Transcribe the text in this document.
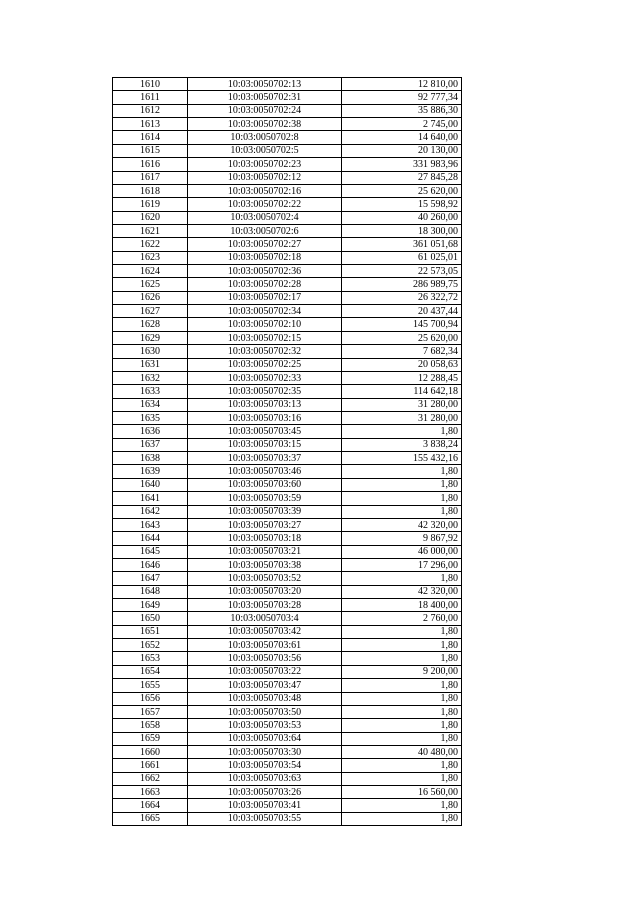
1610	10:03:0050702:13	12 810,00
1611	10:03:0050702:31	92 777,34
1612	10:03:0050702:24	35 886,30
1613	10:03:0050702:38	2 745,00
1614	10:03:0050702:8	14 640,00
1615	10:03:0050702:5	20 130,00
1616	10:03:0050702:23	331 983,96
1617	10:03:0050702:12	27 845,28
1618	10:03:0050702:16	25 620,00
1619	10:03:0050702:22	15 598,92
1620	10:03:0050702:4	40 260,00
1621	10:03:0050702:6	18 300,00
1622	10:03:0050702:27	361 051,68
1623	10:03:0050702:18	61 025,01
1624	10:03:0050702:36	22 573,05
1625	10:03:0050702:28	286 989,75
1626	10:03:0050702:17	26 322,72
1627	10:03:0050702:34	20 437,44
1628	10:03:0050702:10	145 700,94
1629	10:03:0050702:15	25 620,00
1630	10:03:0050702:32	7 682,34
1631	10:03:0050702:25	20 058,63
1632	10:03:0050702:33	12 288,45
1633	10:03:0050702:35	114 642,18
1634	10:03:0050703:13	31 280,00
1635	10:03:0050703:16	31 280,00
1636	10:03:0050703:45	1,80
1637	10:03:0050703:15	3 838,24
1638	10:03:0050703:37	155 432,16
1639	10:03:0050703:46	1,80
1640	10:03:0050703:60	1,80
1641	10:03:0050703:59	1,80
1642	10:03:0050703:39	1,80
1643	10:03:0050703:27	42 320,00
1644	10:03:0050703:18	9 867,92
1645	10:03:0050703:21	46 000,00
1646	10:03:0050703:38	17 296,00
1647	10:03:0050703:52	1,80
1648	10:03:0050703:20	42 320,00
1649	10:03:0050703:28	18 400,00
1650	10:03:0050703:4	2 760,00
1651	10:03:0050703:42	1,80
1652	10:03:0050703:61	1,80
1653	10:03:0050703:56	1,80
1654	10:03:0050703:22	9 200,00
1655	10:03:0050703:47	1,80
1656	10:03:0050703:48	1,80
1657	10:03:0050703:50	1,80
1658	10:03:0050703:53	1,80
1659	10:03:0050703:64	1,80
1660	10:03:0050703:30	40 480,00
1661	10:03:0050703:54	1,80
1662	10:03:0050703:63	1,80
1663	10:03:0050703:26	16 560,00
1664	10:03:0050703:41	1,80
1665	10:03:0050703:55	1,80
